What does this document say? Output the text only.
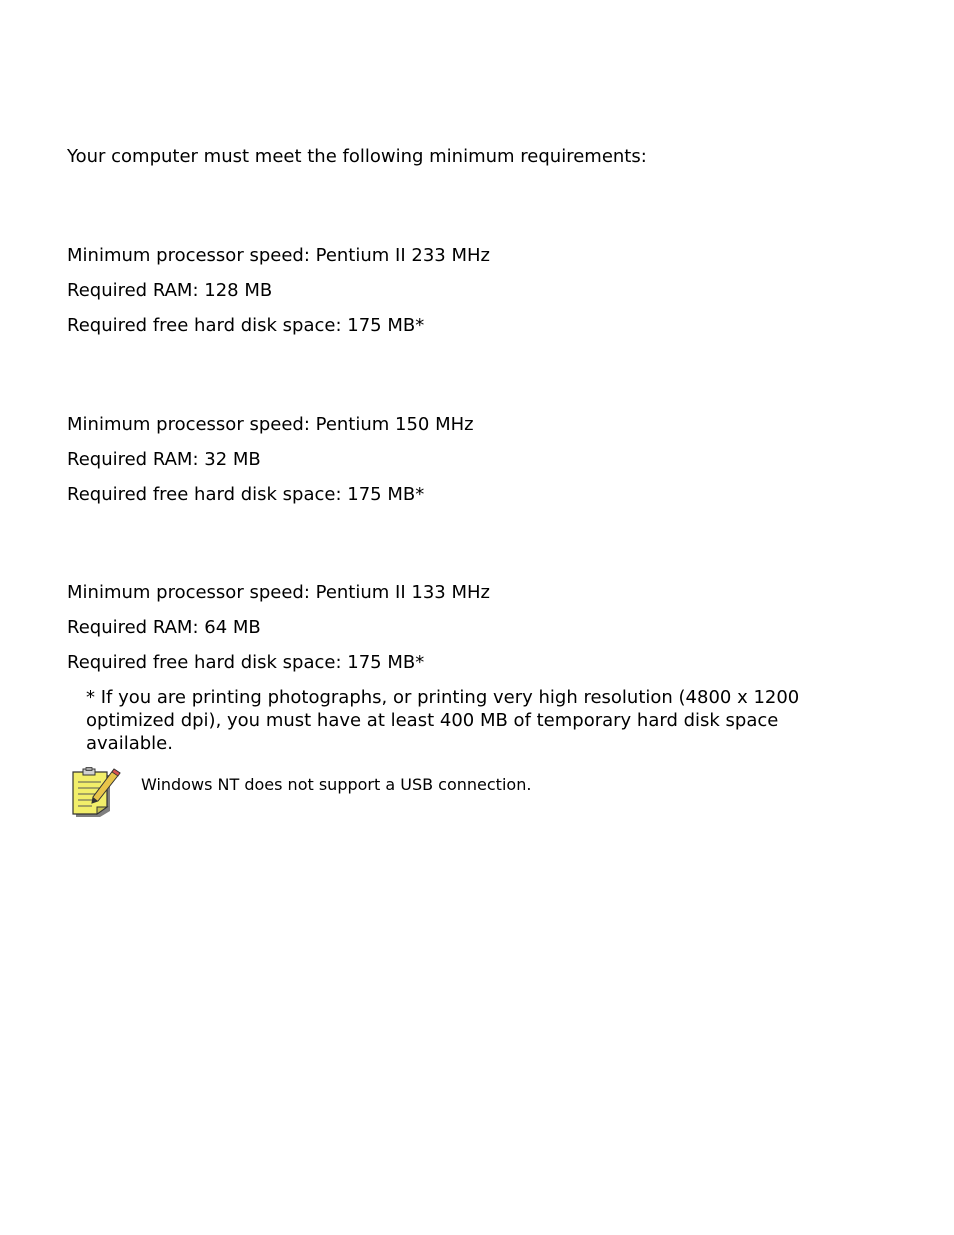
Your computer must meet the following minimum requirements:
Minimum processor speed: Pentium II 233 MHz
Required RAM: 128 MB
Required free hard disk space: 175 MB*
Minimum processor speed: Pentium 150 MHz
Required RAM: 32 MB
Required free hard disk space: 175 MB*
Minimum processor speed: Pentium II 133 MHz
Required RAM: 64 MB
Required free hard disk space: 175 MB*
* If you are printing photographs, or printing very high resolution (4800 x 1200 optimized dpi), you must have at least 400 MB of temporary hard disk space available.
Windows NT does not support a USB connection.
